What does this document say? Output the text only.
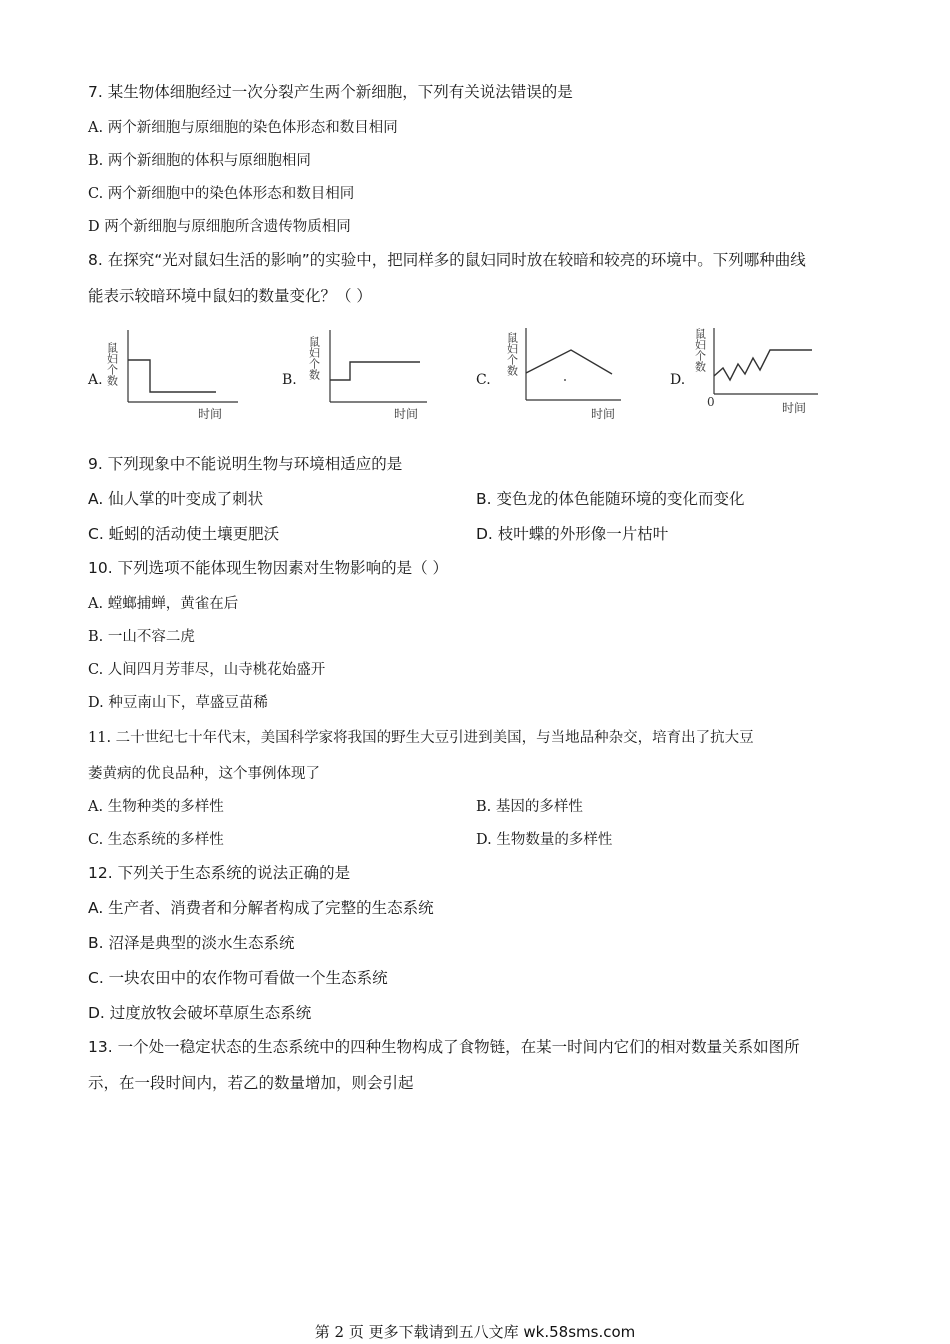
7. 某生物体细胞经过一次分裂产生两个新细胞，下列有关说法错误的是
A. 两个新细胞与原细胞的染色体形态和数目相同
B. 两个新细胞的体积与原细胞相同
C. 两个新细胞中的染色体形态和数目相同
D 两个新细胞与原细胞所含遗传物质相同
8. 在探究“光对鼠妇生活的影响”的实验中，把同样多的鼠妇同时放在较暗和较亮的环境中。下列哪种曲线
能表示较暗环境中鼠妇的数量变化？（ ）
A. 鼠妇个数
时间
B. 鼠妇个数
时间
C.
鼠妇个数
时间
D.
鼠妇个数
0	时间
9. 下列现象中不能说明生物与环境相适应的是
A. 仙人掌的叶变成了刺状	B. 变色龙的体色能随环境的变化而变化
C. 蚯蚓的活动使土壤更肥沃	D. 枝叶蝶的外形像一片枯叶
10. 下列选项不能体现生物因素对生物影响的是（ ）
A. 螳螂捕蝉，黄雀在后
B. 一山不容二虎
C. 人间四月芳菲尽，山寺桃花始盛开
D. 种豆南山下，草盛豆苗稀
11. 二十世纪七十年代末，美国科学家将我国的野生大豆引进到美国，与当地品种杂交，培育出了抗大豆
萎黄病的优良品种，这个事例体现了
A. 生物种类的多样性	B. 基因的多样性
C. 生态系统的多样性	D. 生物数量的多样性
12. 下列关于生态系统的说法正确的是
A. 生产者、消费者和分解者构成了完整的生态系统
B. 沼泽是典型的淡水生态系统
C. 一块农田中的农作物可看做一个生态系统
D. 过度放牧会破坏草原生态系统
13. 一个处一稳定状态的生态系统中的四种生物构成了食物链，在某一时间内它们的相对数量关系如图所
示，在一段时间内，若乙的数量增加，则会引起
第 2 页 更多下载请到五八文库 wk.58sms.com
